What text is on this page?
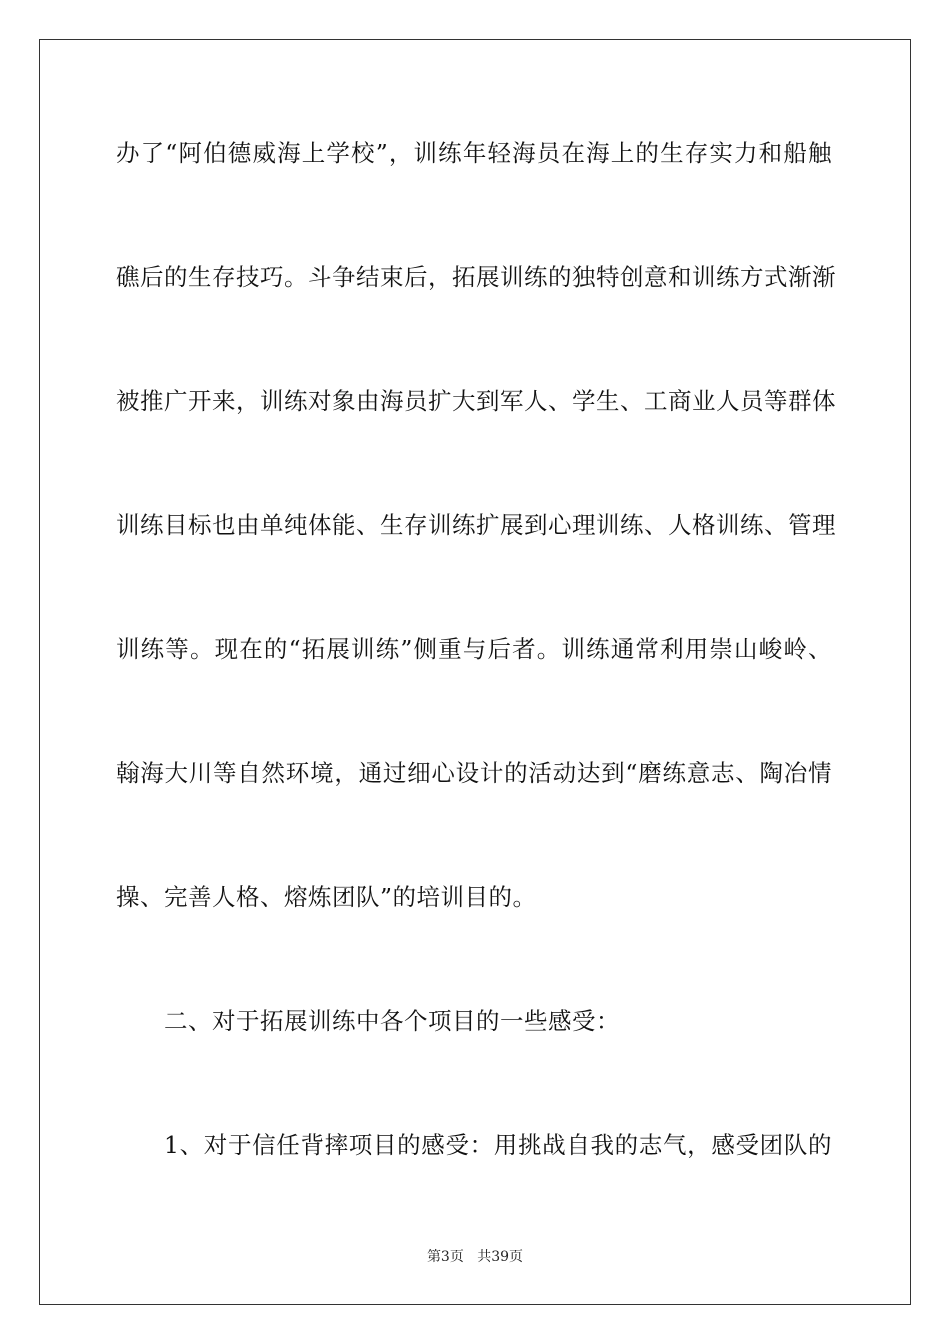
办了“阿伯德威海上学校”，训练年轻海员在海上的生存实力和船触
礁后的生存技巧。斗争结束后，拓展训练的独特创意和训练方式渐渐
被推广开来，训练对象由海员扩大到军人、学生、工商业人员等群体
训练目标也由单纯体能、生存训练扩展到心理训练、人格训练、管理
训练等。现在的“拓展训练”侧重与后者。训练通常利用崇山峻岭、
翰海大川等自然环境，通过细心设计的活动达到“磨练意志、陶冶情
操、完善人格、熔炼团队”的培训目的。
二、对于拓展训练中各个项目的一些感受：
1、对于信任背摔项目的感受：用挑战自我的志气，感受团队的
第3页 共39页
